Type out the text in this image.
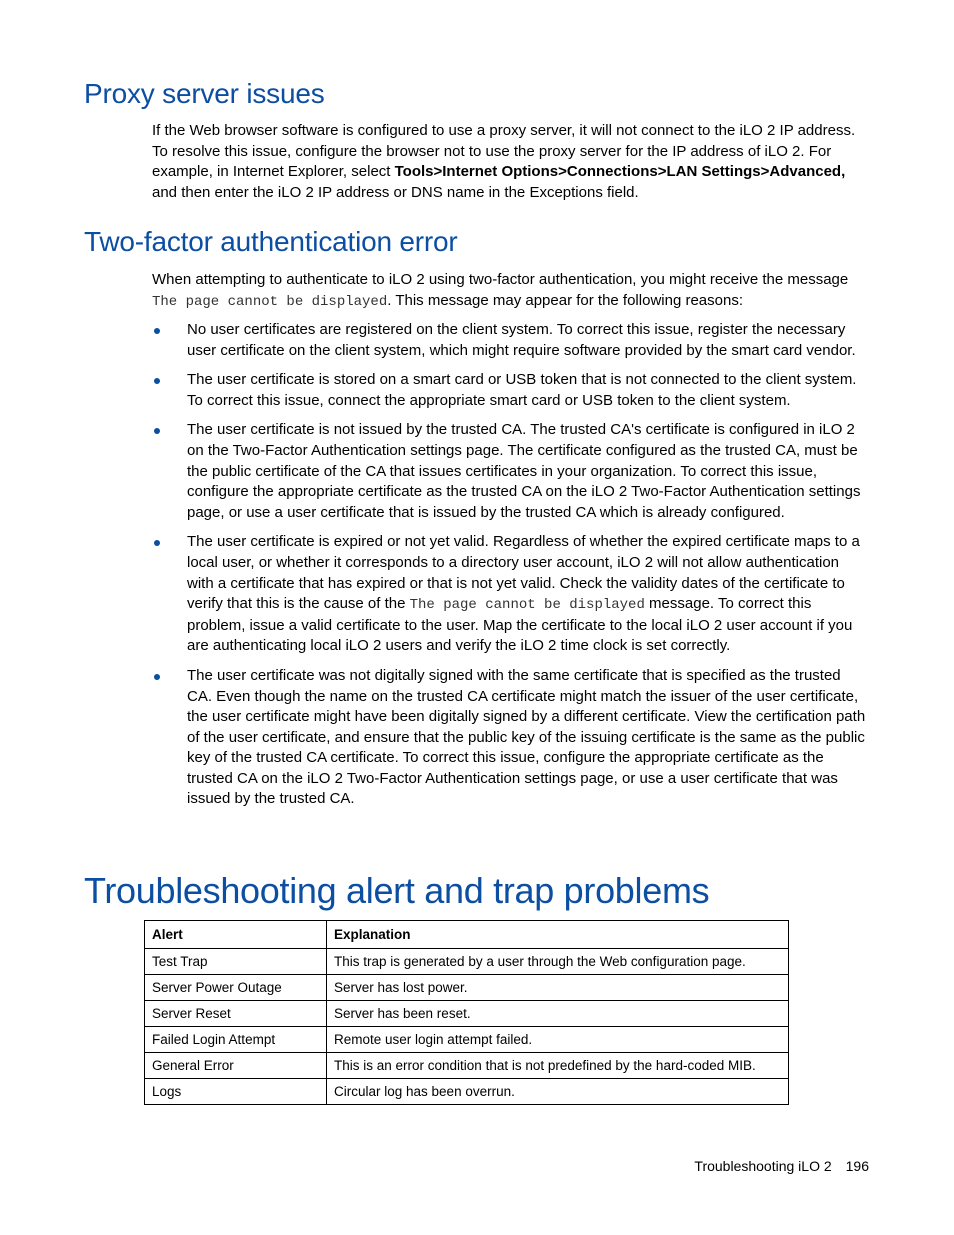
Proxy server issues

If the Web browser software is configured to use a proxy server, it will not connect to the iLO 2 IP address. To resolve this issue, configure the browser not to use the proxy server for the IP address of iLO 2. For example, in Internet Explorer, select Tools>Internet Options>Connections>LAN Settings>Advanced, and then enter the iLO 2 IP address or DNS name in the Exceptions field.

Two-factor authentication error

When attempting to authenticate to iLO 2 using two-factor authentication, you might receive the message The page cannot be displayed. This message may appear for the following reasons:

No user certificates are registered on the client system. To correct this issue, register the necessary user certificate on the client system, which might require software provided by the smart card vendor.
The user certificate is stored on a smart card or USB token that is not connected to the client system. To correct this issue, connect the appropriate smart card or USB token to the client system.
The user certificate is not issued by the trusted CA. The trusted CA's certificate is configured in iLO 2 on the Two-Factor Authentication settings page. The certificate configured as the trusted CA, must be the public certificate of the CA that issues certificates in your organization. To correct this issue, configure the appropriate certificate as the trusted CA on the iLO 2 Two-Factor Authentication settings page, or use a user certificate that is issued by the trusted CA which is already configured.
The user certificate is expired or not yet valid. Regardless of whether the expired certificate maps to a local user, or whether it corresponds to a directory user account, iLO 2 will not allow authentication with a certificate that has expired or that is not yet valid. Check the validity dates of the certificate to verify that this is the cause of the The page cannot be displayed message. To correct this problem, issue a valid certificate to the user. Map the certificate to the local iLO 2 user account if you are authenticating local iLO 2 users and verify the iLO 2 time clock is set correctly.
The user certificate was not digitally signed with the same certificate that is specified as the trusted CA. Even though the name on the trusted CA certificate might match the issuer of the user certificate, the user certificate might have been digitally signed by a different certificate. View the certification path of the user certificate, and ensure that the public key of the issuing certificate is the same as the public key of the trusted CA certificate. To correct this issue, configure the appropriate certificate as the trusted CA on the iLO 2 Two-Factor Authentication settings page, or use a user certificate that was issued by the trusted CA.
Troubleshooting alert and trap problems
Alert	Explanation
Test Trap	This trap is generated by a user through the Web configuration page.
Server Power Outage	Server has lost power.
Server Reset	Server has been reset.
Failed Login Attempt	Remote user login attempt failed.
General Error	This is an error condition that is not predefined by the hard-coded MIB.
Logs	Circular log has been overrun.
Troubleshooting iLO 2 196
